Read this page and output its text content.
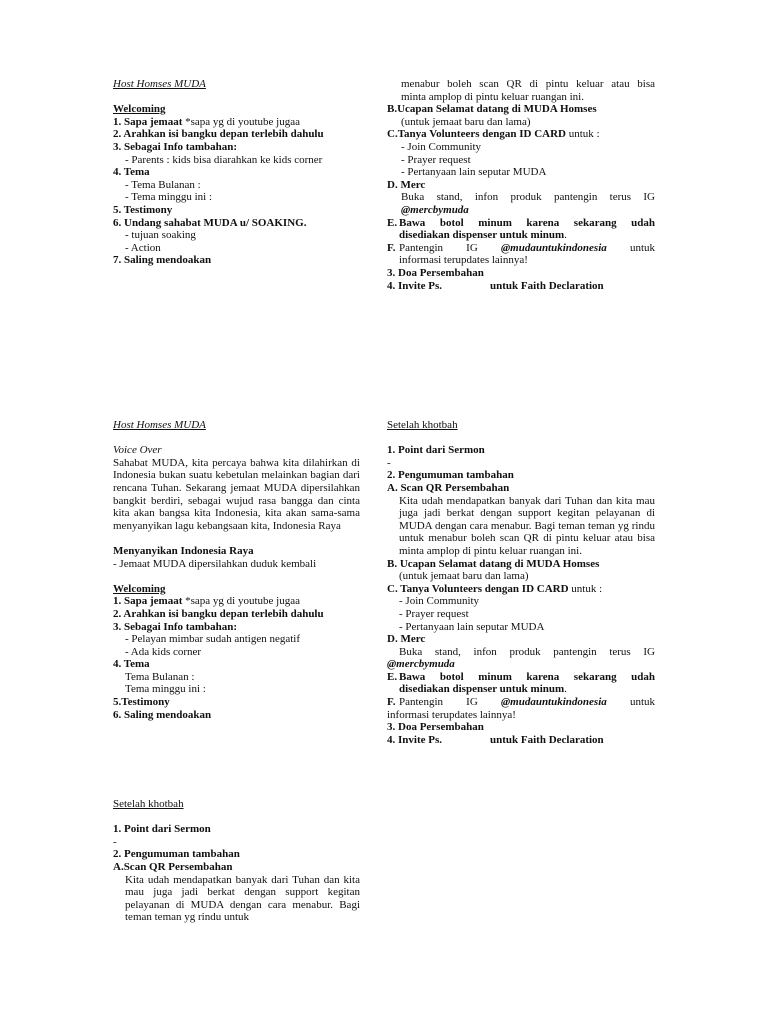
Host Homses MUDA
Welcoming
1. Sapa jemaat *sapa yg di youtube jugaa
2. Arahkan isi bangku depan terlebih dahulu
3. Sebagai Info tambahan:
- Parents : kids bisa diarahkan ke kids corner
4. Tema
- Tema Bulanan :
- Tema minggu ini :
5. Testimony
6. Undang sahabat MUDA u/ SOAKING.
- tujuan soaking
- Action
7. Saling mendoakan
menabur boleh scan QR di pintu keluar atau bisa
minta amplop di pintu keluar ruangan ini.
B.Ucapan Selamat datang di MUDA Homses
(untuk jemaat baru dan lama)
C.Tanya Volunteers dengan ID CARD untuk :
- Join Community
- Prayer request
- Pertanyaan lain seputar MUDA
D. Merc
Buka stand, infon produk pantengin terus IG
@mercbymuda
E. Bawa botol minum karena sekarang udah
disediakan dispenser untuk minum.
F. Pantengin IG @mudauntukindonesia untuk
informasi terupdates lainnya!
3. Doa Persembahan
4. Invite Ps.	untuk Faith Declaration
Host Homses MUDA
Voice Over
Sahabat MUDA, kita percaya bahwa kita dilahirkan di Indonesia bukan suatu kebetulan melainkan bagian dari rencana Tuhan. Sekarang jemaat MUDA dipersilahkan bangkit berdiri, sebagai wujud rasa bangga dan cinta kita akan bangsa kita Indonesia, kita akan sama-sama menyanyikan lagu kebangsaan kita, Indonesia Raya
Menyanyikan Indonesia Raya
- Jemaat MUDA dipersilahkan duduk kembali
Welcoming
1. Sapa jemaat *sapa yg di youtube jugaa
2. Arahkan isi bangku depan terlebih dahulu
3. Sebagai Info tambahan:
- Pelayan mimbar sudah antigen negatif
- Ada kids corner
4. Tema
Tema Bulanan :
Tema minggu ini :
5.Testimony
6. Saling mendoakan
Setelah khotbah
1. Point dari Sermon
-
2. Pengumuman tambahan
A. Scan QR Persembahan
Kita udah mendapatkan banyak dari Tuhan dan kita mau juga jadi berkat dengan support kegitan pelayanan di MUDA dengan cara menabur. Bagi teman teman yg rindu untuk menabur boleh scan QR di pintu keluar atau bisa minta amplop di pintu keluar ruangan ini.
B. Ucapan Selamat datang di MUDA Homses
(untuk jemaat baru dan lama)
C. Tanya Volunteers dengan ID CARD untuk :
- Join Community
- Prayer request
- Pertanyaan lain seputar MUDA
D. Merc
Buka stand, infon produk pantengin terus IG
@mercbymuda
E. Bawa botol minum karena sekarang udah
disediakan dispenser untuk minum.
F. Pantengin IG @mudauntukindonesia untuk
informasi terupdates lainnya!
3. Doa Persembahan
4. Invite Ps.	untuk Faith Declaration
Setelah khotbah
1. Point dari Sermon
-
2. Pengumuman tambahan
A.Scan QR Persembahan
Kita udah mendapatkan banyak dari Tuhan dan kita mau juga jadi berkat dengan support kegitan pelayanan di MUDA dengan cara menabur. Bagi teman teman yg rindu untuk
